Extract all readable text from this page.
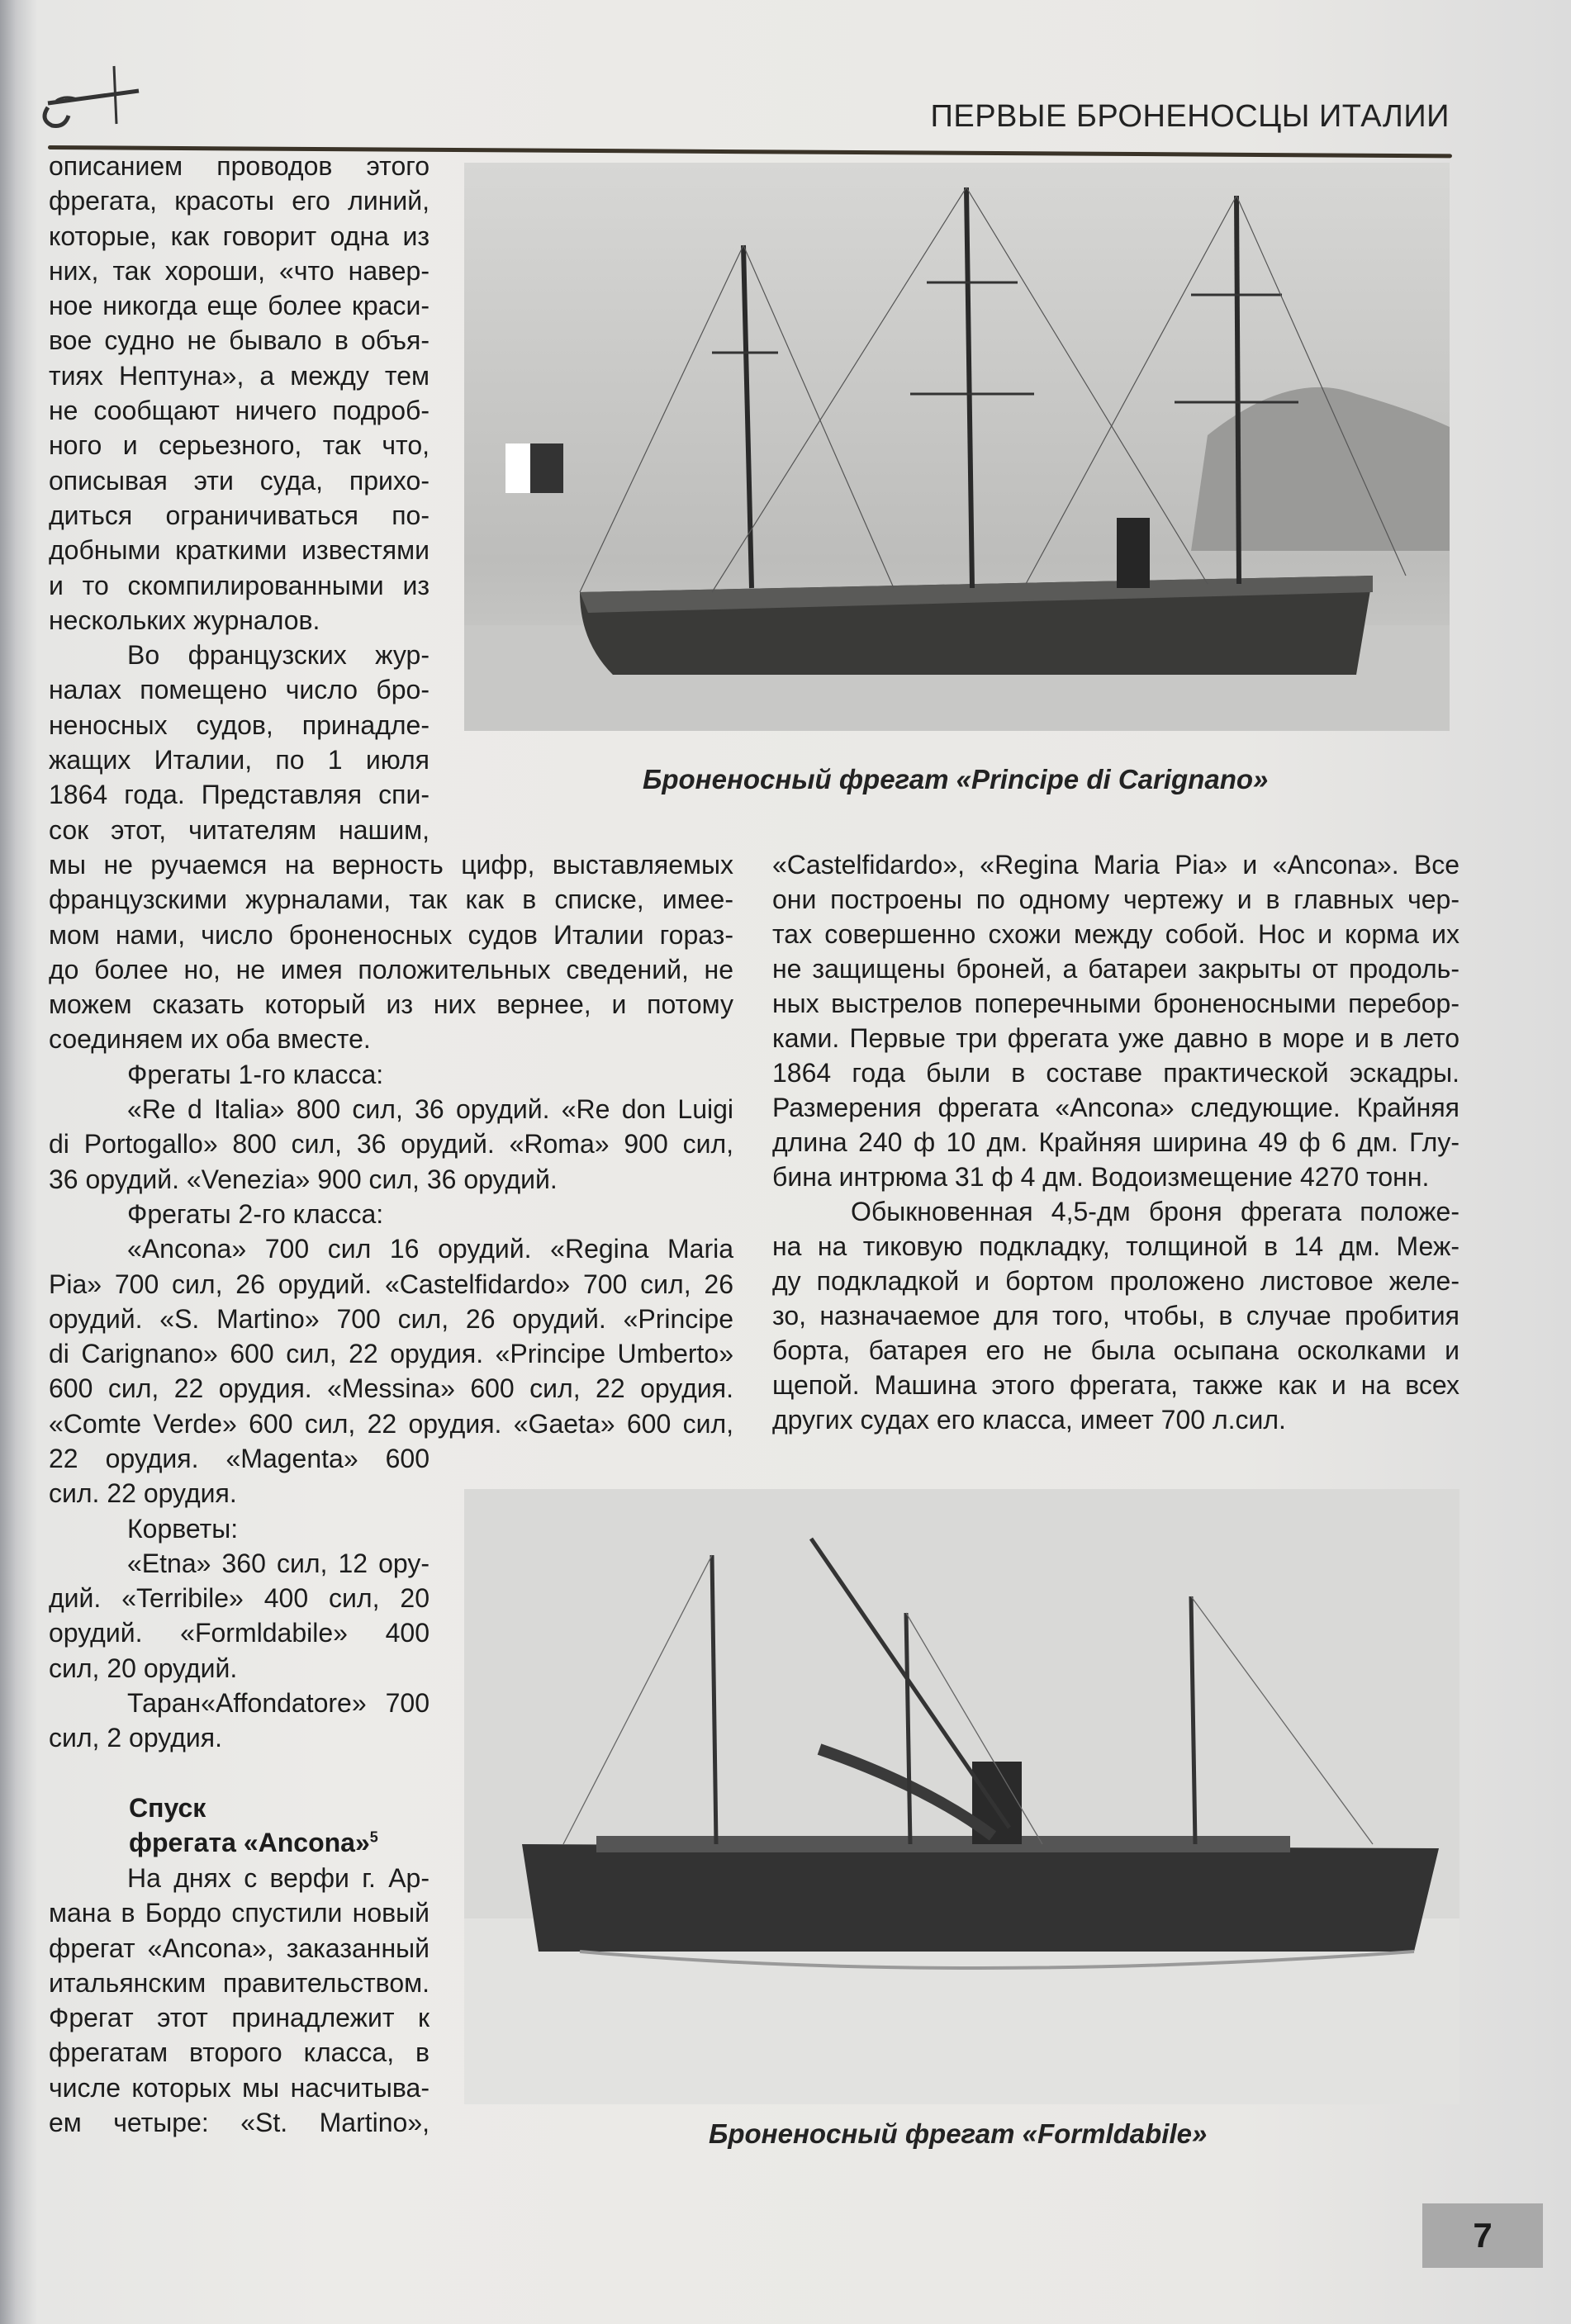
ПЕРВЫЕ БРОНЕНОСЦЫ ИТАЛИИ
описанием проводов этого
фрегата, красоты его линий,
которые, как говорит одна из
них, так хороши, «что навер-
ное никогда еще более краси-
вое судно не бывало в объя-
тиях Нептуна», а между тем
не сообщают ничего подроб-
ного и серьезного, так что,
описывая эти суда, прихо-
диться ограничиваться по-
добными краткими известями
и то скомпилированными из
нескольких журналов.
Во французских жур-
налах помещено число бро-
неносных судов, принадле-
жащих Италии, по 1 июля
1864 года. Представляя спи-
сок этот, читателям нашим,
мы не ручаемся на верность цифр, выставляемых
французскими журналами, так как в списке, имее-
мом нами, число броненосных судов Италии гораз-
до более но, не имея положительных сведений, не
можем сказать который из них вернее, и потому
соединяем их оба вместе.
Фрегаты 1-го класса:
«Re d Italia» 800 сил, 36 орудий. «Re don Luigi
di Portogallo» 800 сил, 36 орудий. «Roma» 900 сил,
36 орудий. «Venezia» 900 сил, 36 орудий.
Фрегаты 2-го класса:
«Ancona» 700 сил 16 орудий. «Regina Maria
Pia» 700 сил, 26 орудий. «Castelfidardo» 700 сил, 26
орудий. «S. Martino» 700 сил, 26 орудий. «Principe
di Carignano» 600 сил, 22 орудия. «Principe Umberto»
600 сил, 22 орудия. «Messina» 600 сил, 22 орудия.
«Comte Verde» 600 сил, 22 орудия. «Gaeta» 600 сил,
22 орудия. «Magenta» 600
сил. 22 орудия.
Корветы:
«Etna» 360 сил, 12 ору-
дий. «Terribile» 400 сил, 20
орудий. «Formldabile» 400
сил, 20 орудий.
Таран«Affondatore» 700
сил, 2 орудия.
Спуск
фрегата «Ancona»$^5$
На днях с верфи г. Ар-
мана в Бордо спустили новый
фрегат «Ancona», заказанный
итальянским правительством.
Фрегат этот принадлежит к
фрегатам второго класса, в
числе которых мы насчитыва-
ем четыре: «St. Martino»,
«Castelfidardo», «Regina Maria Pia» и «Ancona». Все
они построены по одному чертежу и в главных чер-
тах совершенно схожи между собой. Нос и корма их
не защищены броней, а батареи закрыты от продоль-
ных выстрелов поперечными броненосными перебор-
ками. Первые три фрегата уже давно в море и в лето
1864 года были в составе практической эскадры.
Размерения фрегата «Ancona» следующие. Крайняя
длина 240 ф 10 дм. Крайняя ширина 49 ф 6 дм. Глу-
бина интрюма 31 ф 4 дм. Водоизмещение 4270 тонн.
Обыкновенная 4,5-дм броня фрегата положе-
на на тиковую подкладку, толщиной в 14 дм. Меж-
ду подкладкой и бортом проложено листовое желе-
зо, назначаемое для того, чтобы, в случае пробития
борта, батарея его не была осыпана осколками и
щепой. Машина этого фрегата, также как и на всех
других судах его класса, имеет 700 л.сил.
Броненосный фрегат «Principe di Carignano»
Броненосный фрегат «Formldabile»
7
